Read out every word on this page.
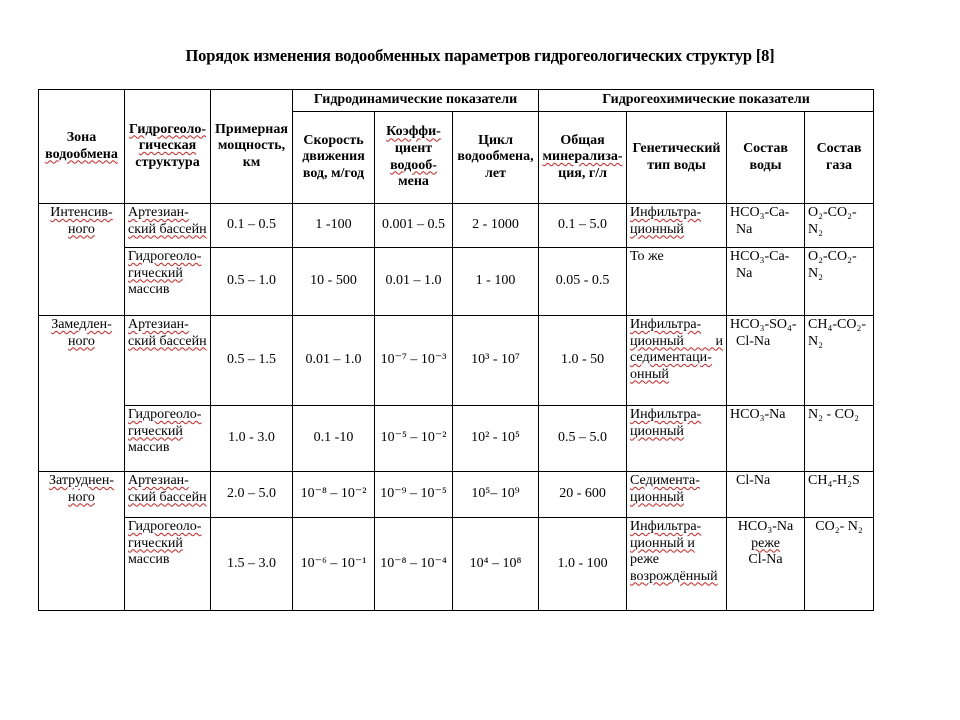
Порядок изменения водообменных параметров гидрогеологических структур [8]
Зона
водообмена	Гидрогеоло-
гическая
структура	Примерная
мощность,
км	Гидродинамические показатели			Гидрогеохимические показатели			

			Скорость
движения
вод, м/год	Коэффи-
циент
водооб-
мена	Цикл
водообмена,
лет	Общая
минерализа-
ция, г/л	Генетический
тип воды	Состав
воды	Состав
газа

Интенсив-
ного	Артезиан-
ский бассейн	0.1 – 0.5	1 -100	0.001 – 0.5	2 - 1000	0.1 – 5.0	Инфильтра-
ционный	HCO₃-Ca-
Na	O₂-CO₂-N₂

	Гидрогеоло-
гический
массив	0.5 – 1.0	10 - 500	0.01 – 1.0	1 - 100	0.05 - 0.5	То же	HCO₃-Ca-
Na	O₂-CO₂-N₂

Замедлен-
ного	Артезиан-
ский бассейн	0.5 – 1.5	0.01 – 1.0	10⁻⁷ – 10⁻³	10³ - 10⁷	1.0 - 50	Инфильтра-
ционный и
седиментаци-
онный	HCO₃-SO₄-
Cl-Na	CH₄-CO₂-N₂

	Гидрогеоло-
гический
массив	1.0 - 3.0	0.1 -10	10⁻⁵ – 10⁻²	10² - 10⁵	0.5 – 5.0	Инфильтра-
ционный	HCO₃-Na	N₂ - CO₂

Затруднен-
ного	Артезиан-
ский бассейн	2.0 – 5.0	10⁻⁸ – 10⁻²	10⁻⁹ – 10⁻⁵	10⁵– 10⁹	20 - 600	Седимента-
ционный	Cl-Na	CH₄-H₂S

	Гидрогеоло-
гический
массив	1.5 – 3.0	10⁻⁶ – 10⁻¹	10⁻⁸ – 10⁻⁴	10⁴ – 10⁸	1.0 - 100	Инфильтра-
ционный и
реже
возрождённый	HCO₃-Na
реже
Cl-Na	CO₂- N₂
